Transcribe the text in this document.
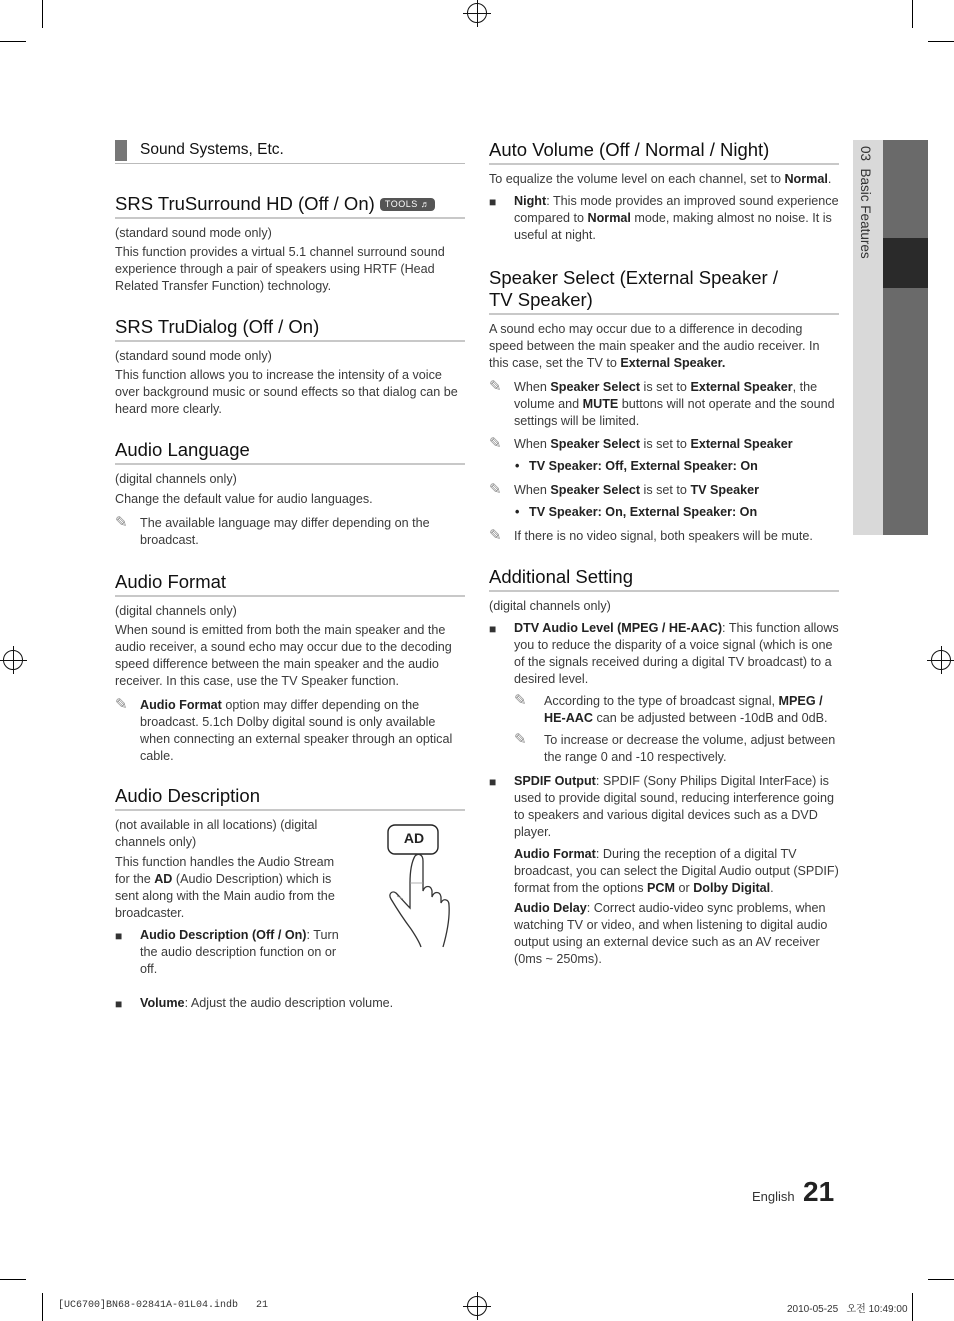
03  Basic Features
Sound Systems, Etc.
SRS TruSurround HD (Off / On) TOOLS ♬

(standard sound mode only)

This function provides a virtual 5.1 channel surround sound experience through a pair of speakers using HRTF (Head Related Transfer Function) technology.

SRS TruDialog (Off / On)

(standard sound mode only)

This function allows you to increase the intensity of a voice over background music or sound effects so that dialog can be heard more clearly.

Audio Language

(digital channels only)

Change the default value for audio languages.

✎ The available language may differ depending on the broadcast.
Audio Format

(digital channels only)

When sound is emitted from both the main speaker and the audio receiver, a sound echo may occur due to the decoding speed difference between the main speaker and the audio receiver. In this case, use the TV Speaker function.

✎ Audio Format option may differ depending on the broadcast. 5.1ch Dolby digital sound is only available when connecting an external speaker through an optical cable.
Audio Description

(not available in all locations) (digital channels only)

This function handles the Audio Stream for the AD (Audio Description) which is sent along with the Main audio from the broadcaster.

■ Audio Description (Off / On): Turn the audio description function on or off.
AD
■ Volume: Adjust the audio description volume.
Auto Volume (Off / Normal / Night)

To equalize the volume level on each channel, set to Normal.

■ Night: This mode provides an improved sound experience compared to Normal mode, making almost no noise. It is useful at night.
Speaker Select (External Speaker /
TV Speaker)

A sound echo may occur due to a difference in decoding speed between the main speaker and the audio receiver. In this case, set the TV to External Speaker.

✎ When Speaker Select is set to External Speaker, the volume and MUTE buttons will not operate and the sound settings will be limited.
✎ When Speaker Select is set to External Speaker
• TV Speaker: Off, External Speaker: On
✎ When Speaker Select is set to TV Speaker
• TV Speaker: On, External Speaker: On
✎ If there is no video signal, both speakers will be mute.
Additional Setting

(digital channels only)

■ DTV Audio Level (MPEG / HE-AAC): This function allows you to reduce the disparity of a voice signal (which is one of the signals received during a digital TV broadcast) to a desired level.
✎ According to the type of broadcast signal, MPEG / HE-AAC can be adjusted between -10dB and 0dB.
✎ To increase or decrease the volume, adjust between the range 0 and -10 respectively.
■ SPDIF Output: SPDIF (Sony Philips Digital InterFace) is used to provide digital sound, reducing interference going to speakers and various digital devices such as a DVD player.

Audio Format: During the reception of a digital TV broadcast, you can select the Digital Audio output (SPDIF) format from the options PCM or Dolby Digital.

Audio Delay: Correct audio-video sync problems, when watching TV or video, and when listening to digital audio output using an external device such as an AV receiver (0ms ~ 250ms).

English 21
[UC6700]BN68-02841A-01L04.indb   21	2010-05-25   오전 10:49:00
